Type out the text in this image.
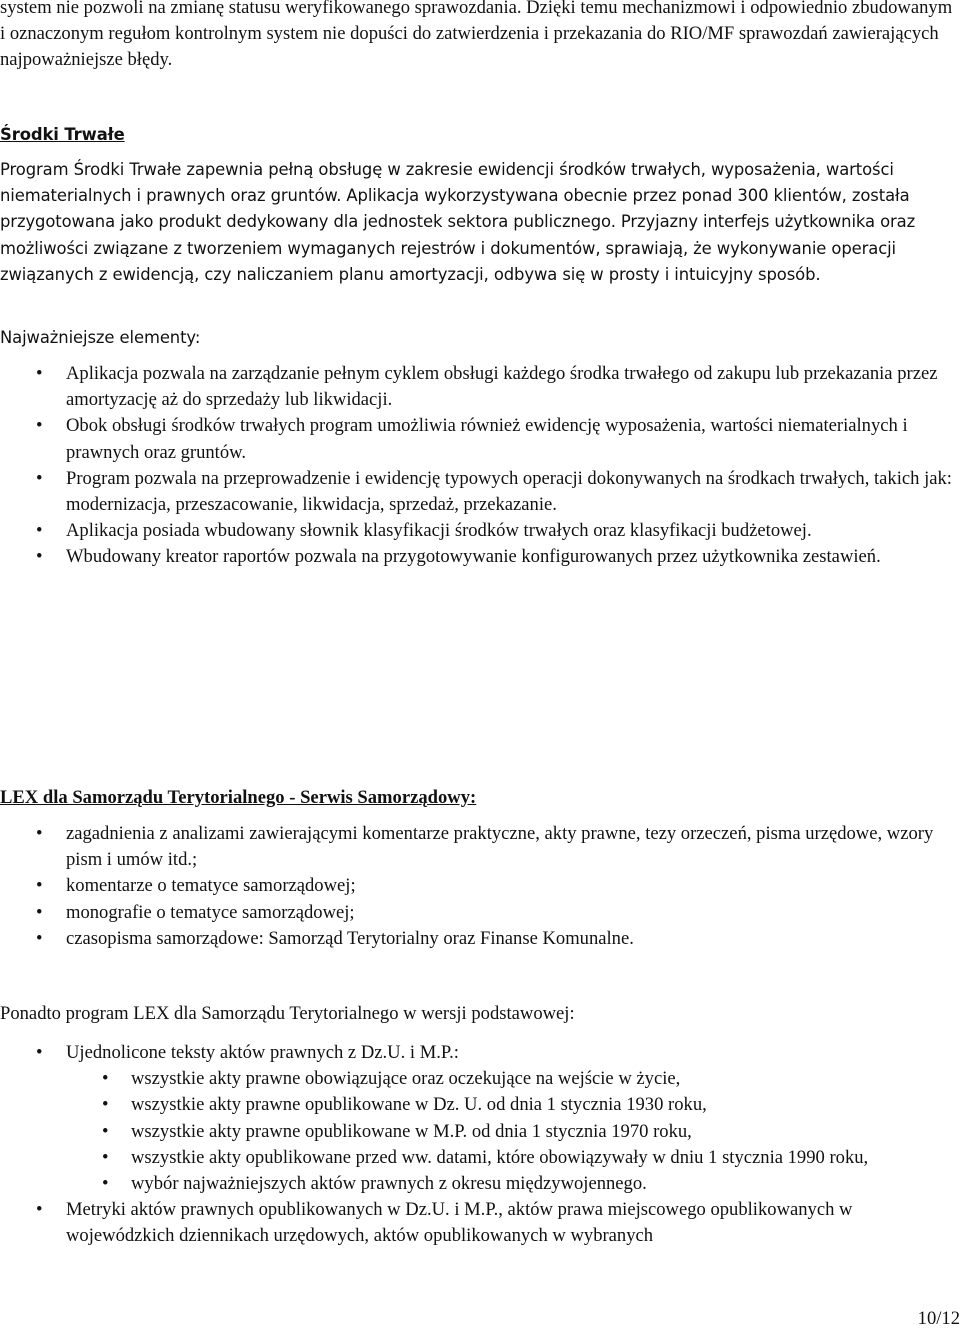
system nie pozwoli na zmianę statusu weryfikowanego sprawozdania. Dzięki temu mechanizmowi i odpowiednio zbudowanym i oznaczonym regułom kontrolnym system nie dopuści do zatwierdzenia i przekazania do RIO/MF sprawozdań zawierających najpoważniejsze błędy.

Środki Trwałe

Program Środki Trwałe zapewnia pełną obsługę w zakresie ewidencji środków trwałych, wyposażenia, wartości niematerialnych i prawnych oraz gruntów. Aplikacja wykorzystywana obecnie przez ponad 300 klientów, została przygotowana jako produkt dedykowany dla jednostek sektora publicznego. Przyjazny interfejs użytkownika oraz możliwości związane z tworzeniem wymaganych rejestrów i dokumentów, sprawiają, że wykonywanie operacji związanych z ewidencją, czy naliczaniem planu amortyzacji, odbywa się w prosty i intuicyjny sposób.

Najważniejsze elementy:

• Aplikacja pozwala na zarządzanie pełnym cyklem obsługi każdego środka trwałego od zakupu lub przekazania przez amortyzację aż do sprzedaży lub likwidacji.
• Obok obsługi środków trwałych program umożliwia również ewidencję wyposażenia, wartości niematerialnych i prawnych oraz gruntów.
• Program pozwala na przeprowadzenie i ewidencję typowych operacji dokonywanych na środkach trwałych, takich jak: modernizacja, przeszacowanie, likwidacja, sprzedaż, przekazanie.
• Aplikacja posiada wbudowany słownik klasyfikacji środków trwałych oraz klasyfikacji budżetowej.
• Wbudowany kreator raportów pozwala na przygotowywanie konfigurowanych przez użytkownika zestawień.

LEX dla Samorządu Terytorialnego - Serwis Samorządowy:

• zagadnienia z analizami zawierającymi komentarze praktyczne, akty prawne, tezy orzeczeń, pisma urzędowe, wzory pism i umów itd.;
• komentarze o tematyce samorządowej;
• monografie o tematyce samorządowej;
• czasopisma samorządowe: Samorząd Terytorialny oraz Finanse Komunalne.

Ponadto program LEX dla Samorządu Terytorialnego w wersji podstawowej:

• Ujednolicone teksty aktów prawnych z Dz.U. i M.P.:
• wszystkie akty prawne obowiązujące oraz oczekujące na wejście w życie,
• wszystkie akty prawne opublikowane w Dz. U. od dnia 1 stycznia 1930 roku,
• wszystkie akty prawne opublikowane w M.P. od dnia 1 stycznia 1970 roku,
• wszystkie akty opublikowane przed ww. datami, które obowiązywały w dniu 1 stycznia 1990 roku,
• wybór najważniejszych aktów prawnych z okresu międzywojennego.
• Metryki aktów prawnych opublikowanych w Dz.U. i M.P., aktów prawa miejscowego opublikowanych w wojewódzkich dziennikach urzędowych, aktów opublikowanych w wybranych
10/12
